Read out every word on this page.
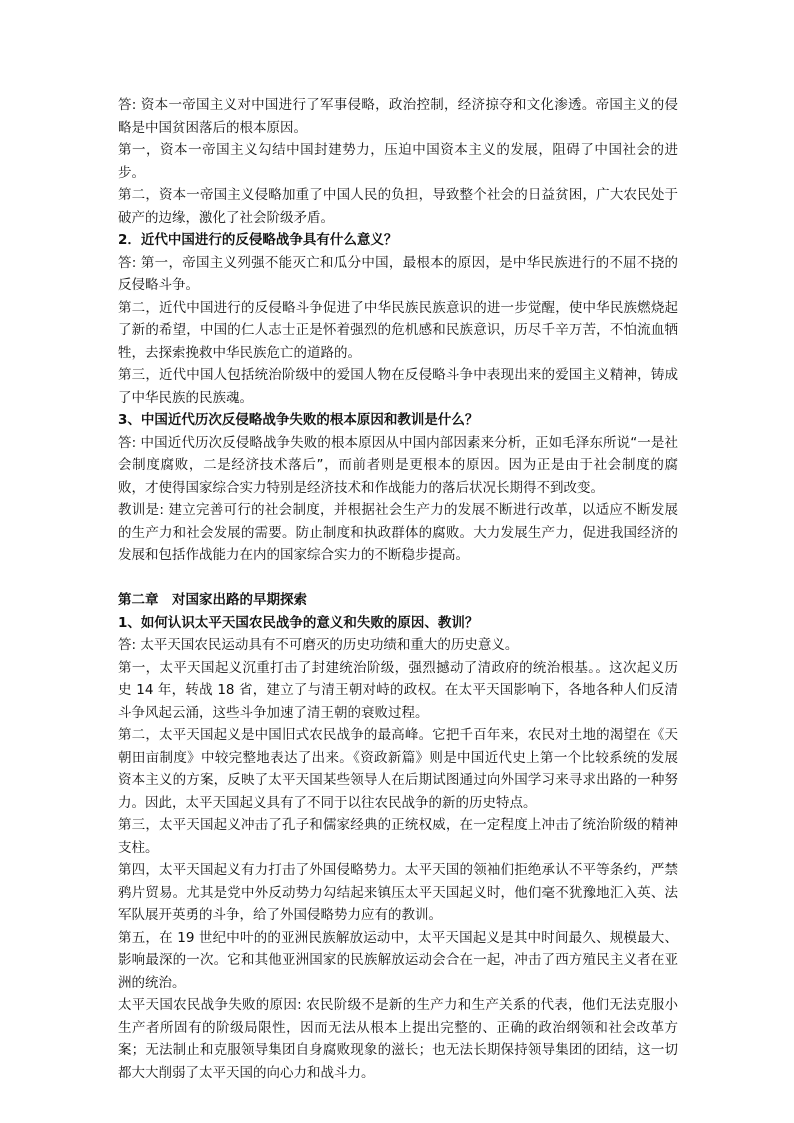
答: 资本一帝国主义对中国进行了军事侵略，政治控制，经济掠夺和文化渗透。帝国主义的侵略是中国贫困落后的根本原因。

第一，资本一帝国主义勾结中国封建势力，压迫中国资本主义的发展，阻碍了中国社会的进步。

第二，资本一帝国主义侵略加重了中国人民的负担，导致整个社会的日益贫困，广大农民处于破产的边缘，激化了社会阶级矛盾。

2．近代中国进行的反侵略战争具有什么意义？

答: 第一，帝国主义列强不能灭亡和瓜分中国，最根本的原因，是中华民族进行的不屈不挠的反侵略斗争。

第二，近代中国进行的反侵略斗争促进了中华民族民族意识的进一步觉醒，使中华民族燃烧起了新的希望，中国的仁人志士正是怀着强烈的危机感和民族意识，历尽千辛万苦，不怕流血牺牲，去探索挽救中华民族危亡的道路的。

第三，近代中国人包括统治阶级中的爱国人物在反侵略斗争中表现出来的爱国主义精神，铸成了中华民族的民族魂。

3、中国近代历次反侵略战争失败的根本原因和教训是什么？

答: 中国近代历次反侵略战争失败的根本原因从中国内部因素来分析，正如毛泽东所说“一是社会制度腐败，二是经济技术落后”，而前者则是更根本的原因。因为正是由于社会制度的腐败，才使得国家综合实力特别是经济技术和作战能力的落后状况长期得不到改变。

教训是: 建立完善可行的社会制度，并根据社会生产力的发展不断进行改革，以适应不断发展的生产力和社会发展的需要。防止制度和执政群体的腐败。大力发展生产力，促进我国经济的发展和包括作战能力在内的国家综合实力的不断稳步提高。

第二章　对国家出路的早期探索

1、如何认识太平天国农民战争的意义和失败的原因、教训？

答: 太平天国农民运动具有不可磨灭的历史功绩和重大的历史意义。

第一，太平天国起义沉重打击了封建统治阶级，强烈撼动了清政府的统治根基。。这次起义历史 14 年，转战 18 省，建立了与清王朝对峙的政权。在太平天国影响下，各地各种人们反清斗争风起云涌，这些斗争加速了清王朝的衰败过程。

第二，太平天国起义是中国旧式农民战争的最高峰。它把千百年来，农民对土地的渴望在《天朝田亩制度》中较完整地表达了出来。《资政新篇》则是中国近代史上第一个比较系统的发展资本主义的方案，反映了太平天国某些领导人在后期试图通过向外国学习来寻求出路的一种努力。因此，太平天国起义具有了不同于以往农民战争的新的历史特点。

第三，太平天国起义冲击了孔子和儒家经典的正统权威，在一定程度上冲击了统治阶级的精神支柱。

第四，太平天国起义有力打击了外国侵略势力。太平天国的领袖们拒绝承认不平等条约，严禁鸦片贸易。尤其是党中外反动势力勾结起来镇压太平天国起义时，他们毫不犹豫地汇入英、法军队展开英勇的斗争，给了外国侵略势力应有的教训。

第五，在 19 世纪中叶的的亚洲民族解放运动中，太平天国起义是其中时间最久、规模最大、影响最深的一次。它和其他亚洲国家的民族解放运动会合在一起，冲击了西方殖民主义者在亚洲的统治。

太平天国农民战争失败的原因: 农民阶级不是新的生产力和生产关系的代表，他们无法克服小生产者所固有的阶级局限性，因而无法从根本上提出完整的、正确的政治纲领和社会改革方案；无法制止和克服领导集团自身腐败现象的滋长；也无法长期保持领导集团的团结，这一切都大大削弱了太平天国的向心力和战斗力。
